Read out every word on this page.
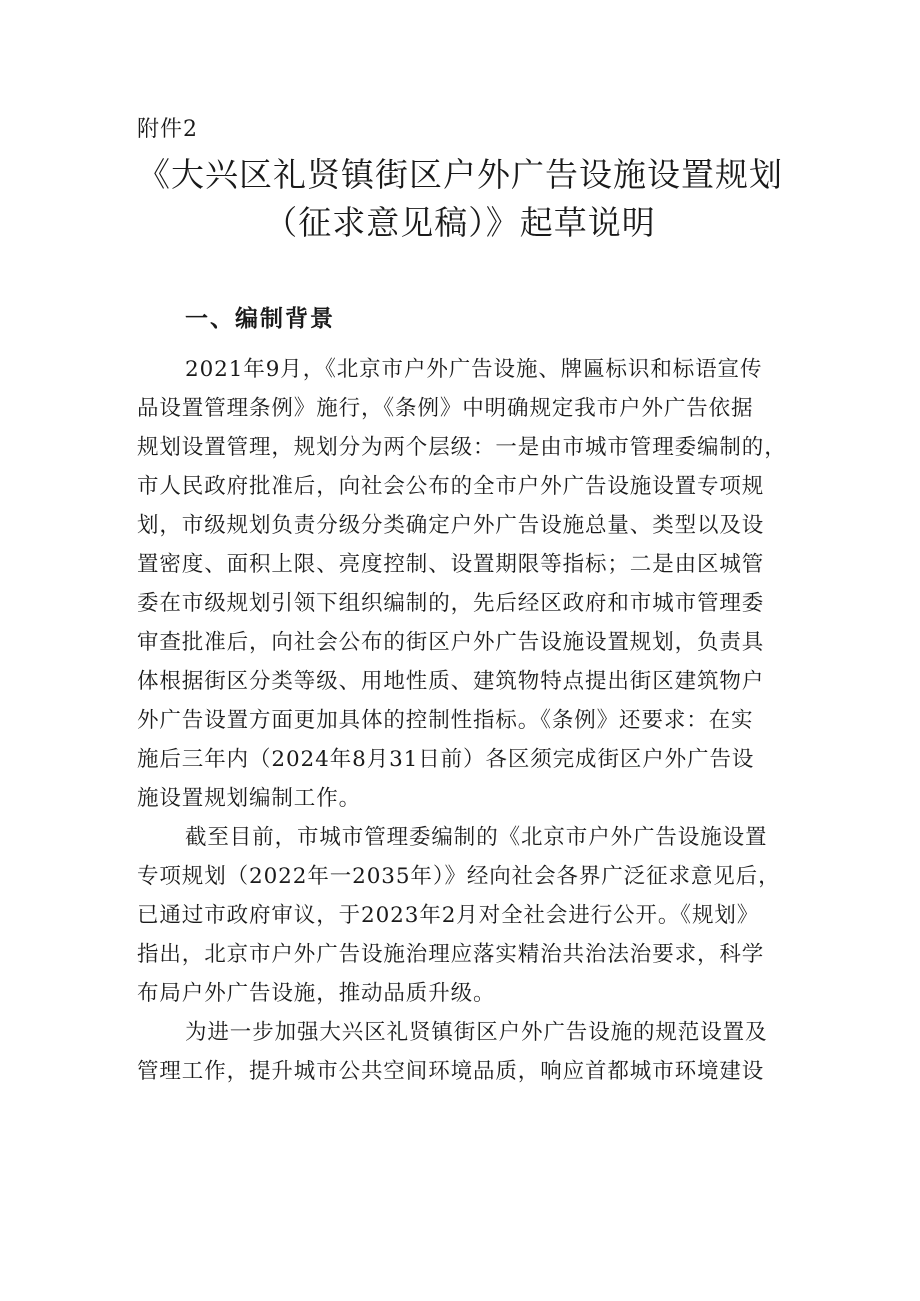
附件2
《大兴区礼贤镇街区户外广告设施设置规划
（征求意见稿）》起草说明
一、编制背景
2021年9月，《北京市户外广告设施、牌匾标识和标语宣传
品设置管理条例》施行，《条例》中明确规定我市户外广告依据
规划设置管理，规划分为两个层级：一是由市城市管理委编制的，
市人民政府批准后，向社会公布的全市户外广告设施设置专项规
划，市级规划负责分级分类确定户外广告设施总量、类型以及设
置密度、面积上限、亮度控制、设置期限等指标；二是由区城管
委在市级规划引领下组织编制的，先后经区政府和市城市管理委
审查批准后，向社会公布的街区户外广告设施设置规划，负责具
体根据街区分类等级、用地性质、建筑物特点提出街区建筑物户
外广告设置方面更加具体的控制性指标。《条例》还要求：在实
施后三年内（2024年8月31日前）各区须完成街区户外广告设
施设置规划编制工作。
截至目前，市城市管理委编制的《北京市户外广告设施设置
专项规划（2022年一2035年）》经向社会各界广泛征求意见后，
已通过市政府审议，于2023年2月对全社会进行公开。《规划》
指出，北京市户外广告设施治理应落实精治共治法治要求，科学
布局户外广告设施，推动品质升级。
为进一步加强大兴区礼贤镇街区户外广告设施的规范设置及
管理工作，提升城市公共空间环境品质，响应首都城市环境建设
